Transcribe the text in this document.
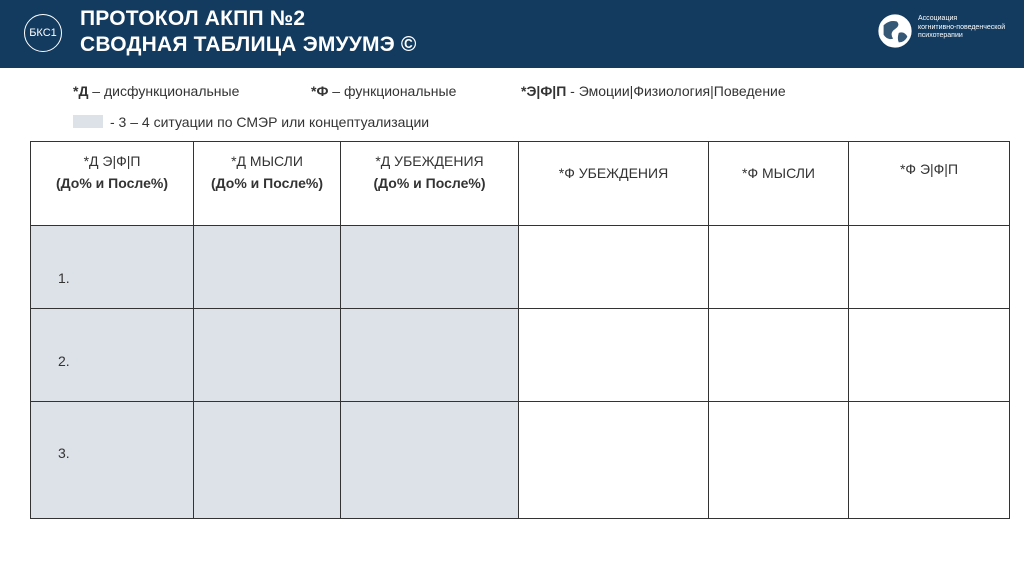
БКС1
ПРОТОКОЛ АКПП №2
СВОДНАЯ ТАБЛИЦА ЭМУУМЭ ©
Ассоциация
когнитивно-поведенческой
психотерапии
*Д – дисфункциональные	*Ф – функциональные	*Э|Ф|П - Эмоции|Физиология|Поведение
- 3 – 4 ситуации по СМЭР или концептуализации
*Д Э|Ф|П
(До% и После%)	*Д МЫСЛИ
(До% и После%)	*Д УБЕЖДЕНИЯ
(До% и После%)	*Ф УБЕЖДЕНИЯ	*Ф МЫСЛИ	*Ф Э|Ф|П

1.					

2.					

3.					
